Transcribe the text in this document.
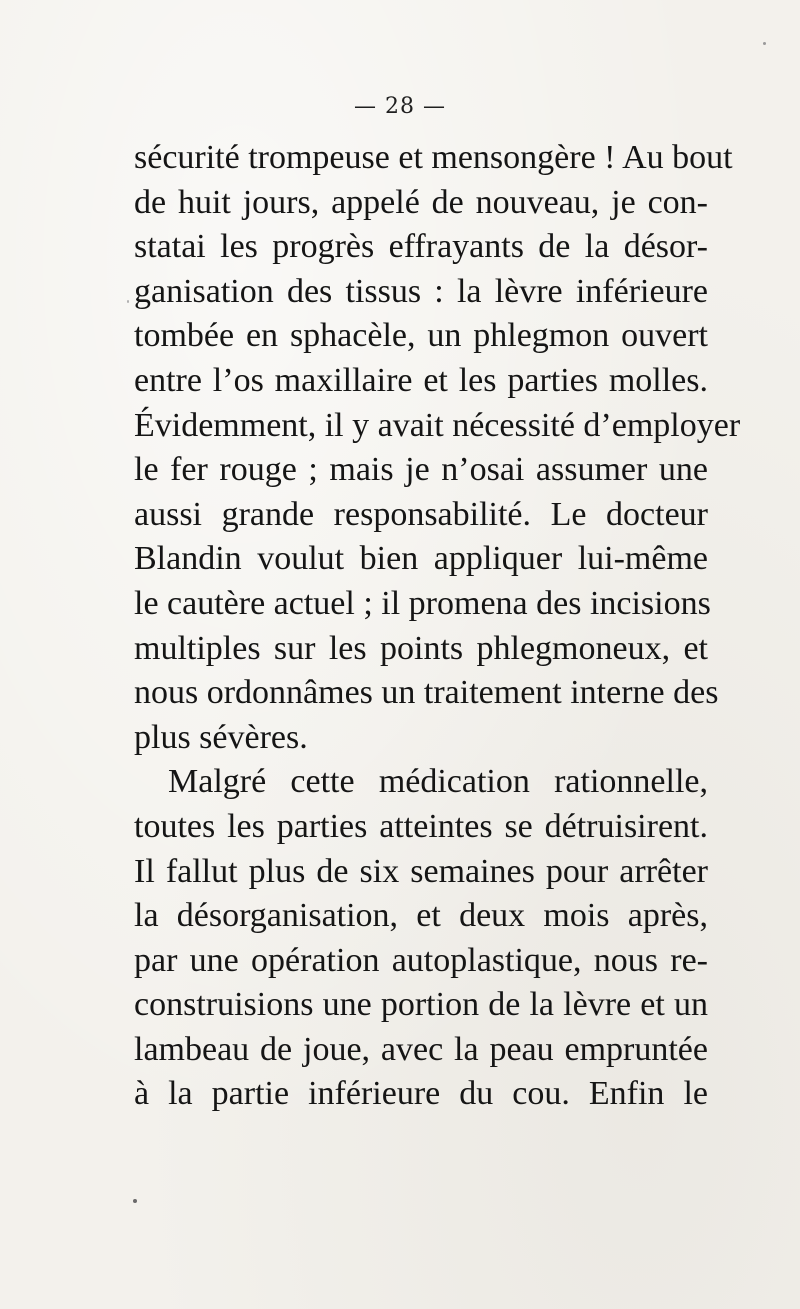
— 28 —
sécurité trompeuse et mensongère ! Au bout
de huit jours, appelé de nouveau, je con-
statai les progrès effrayants de la désor-
ganisation des tissus : la lèvre inférieure
tombée en sphacèle, un phlegmon ouvert
entre l’os maxillaire et les parties molles.
Évidemment, il y avait nécessité d’employer
le fer rouge ; mais je n’osai assumer une
aussi grande responsabilité. Le docteur
Blandin voulut bien appliquer lui-même
le cautère actuel ; il promena des incisions
multiples sur les points phlegmoneux, et
nous ordonnâmes un traitement interne des
plus sévères.
Malgré cette médication rationnelle,
toutes les parties atteintes se détruisirent.
Il fallut plus de six semaines pour arrêter
la désorganisation, et deux mois après,
par une opération autoplastique, nous re-
construisions une portion de la lèvre et un
lambeau de joue, avec la peau empruntée
à la partie inférieure du cou. Enfin le
